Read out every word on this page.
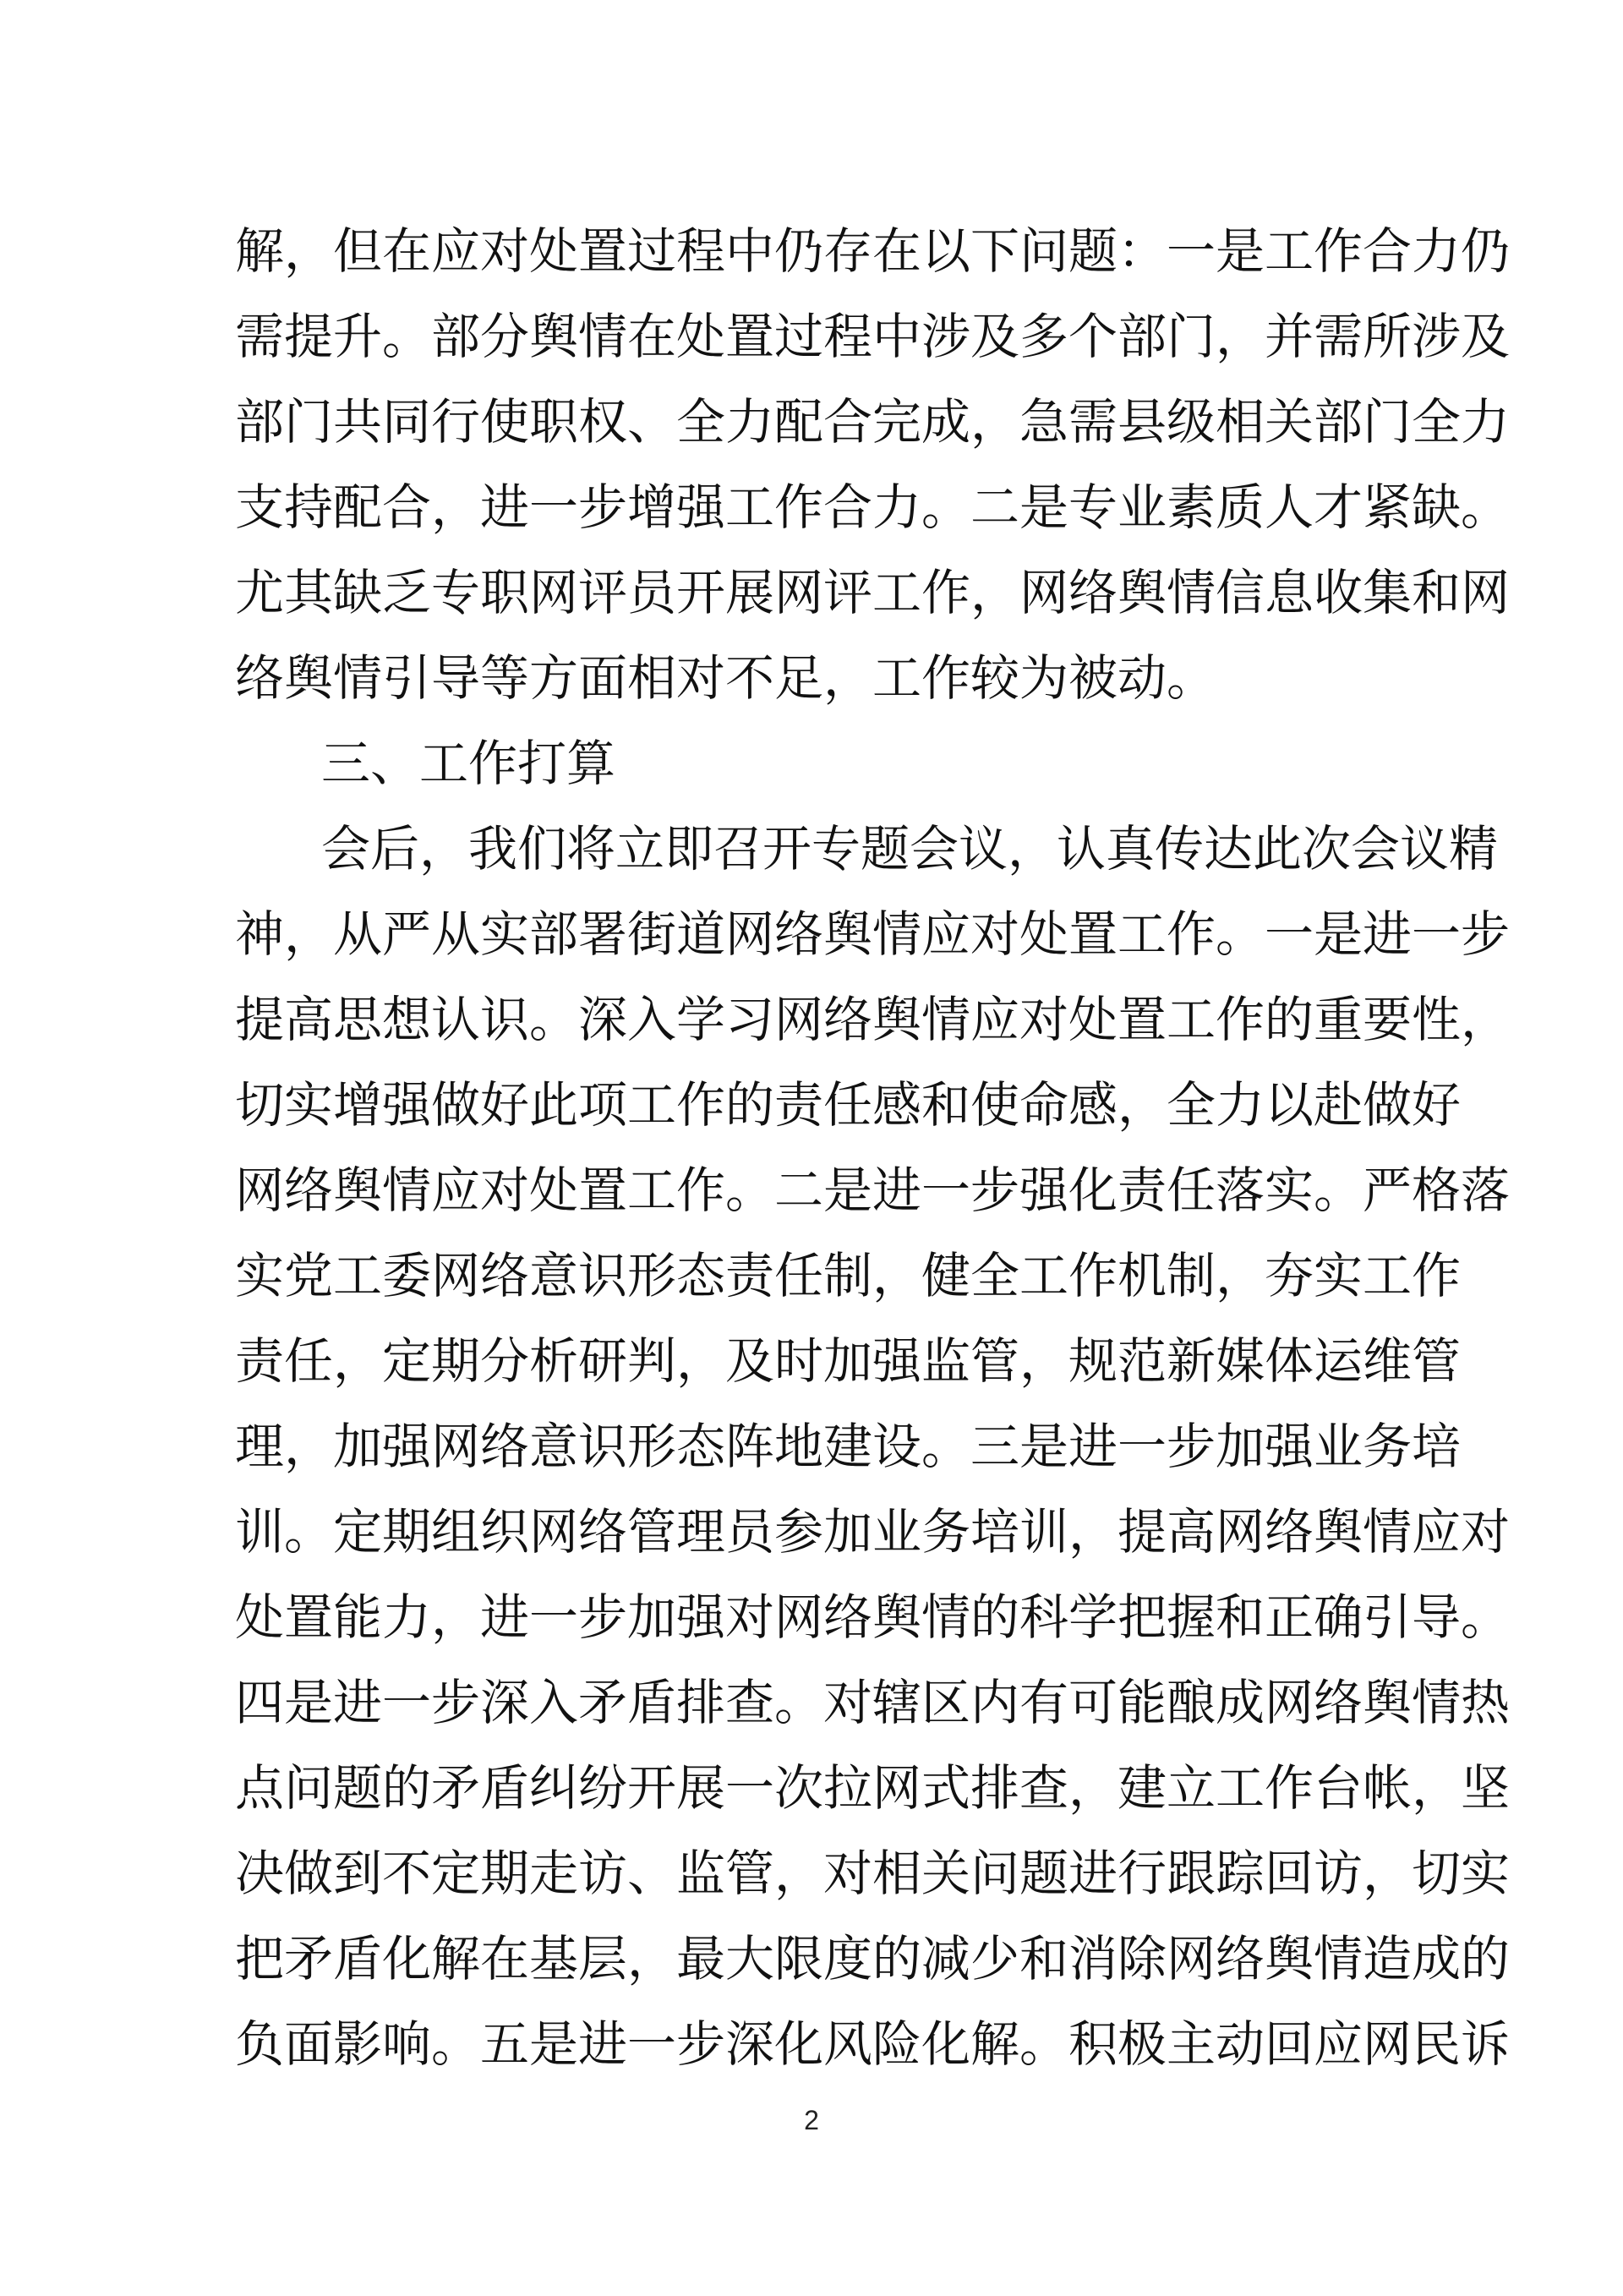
解，但在应对处置过程中仍存在以下问题：一是工作合力仍
需提升。部分舆情在处置过程中涉及多个部门，并需所涉及
部门共同行使职权、全力配合完成，急需县级相关部门全力
支持配合，进一步增强工作合力。二是专业素质人才紧缺。
尤其缺乏专职网评员开展网评工作，网络舆情信息收集和网
络舆情引导等方面相对不足，工作较为被动。
三、工作打算
会后，我们将立即召开专题会议，认真传达此次会议精
神，从严从实部署街道网络舆情应对处置工作。一是进一步
提高思想认识。深入学习网络舆情应对处置工作的重要性，
切实增强做好此项工作的责任感和使命感，全力以赴做好
网络舆情应对处置工作。二是进一步强化责任落实。严格落
实党工委网络意识形态责任制，健全工作机制，夯实工作
责任，定期分析研判，及时加强监管，规范新媒体运维管
理，加强网络意识形态阵地建设。三是进一步加强业务培
训。定期组织网络管理员参加业务培训，提高网络舆情应对
处置能力，进一步加强对网络舆情的科学把握和正确引导。
四是进一步深入矛盾排查。对辖区内有可能酿成网络舆情热
点问题的矛盾纠纷开展一次拉网式排查，建立工作台帐，坚
决做到不定期走访、监管，对相关问题进行跟踪回访，切实
把矛盾化解在基层，最大限度的减少和消除网络舆情造成的
负面影响。五是进一步深化风险化解。积极主动回应网民诉
2
